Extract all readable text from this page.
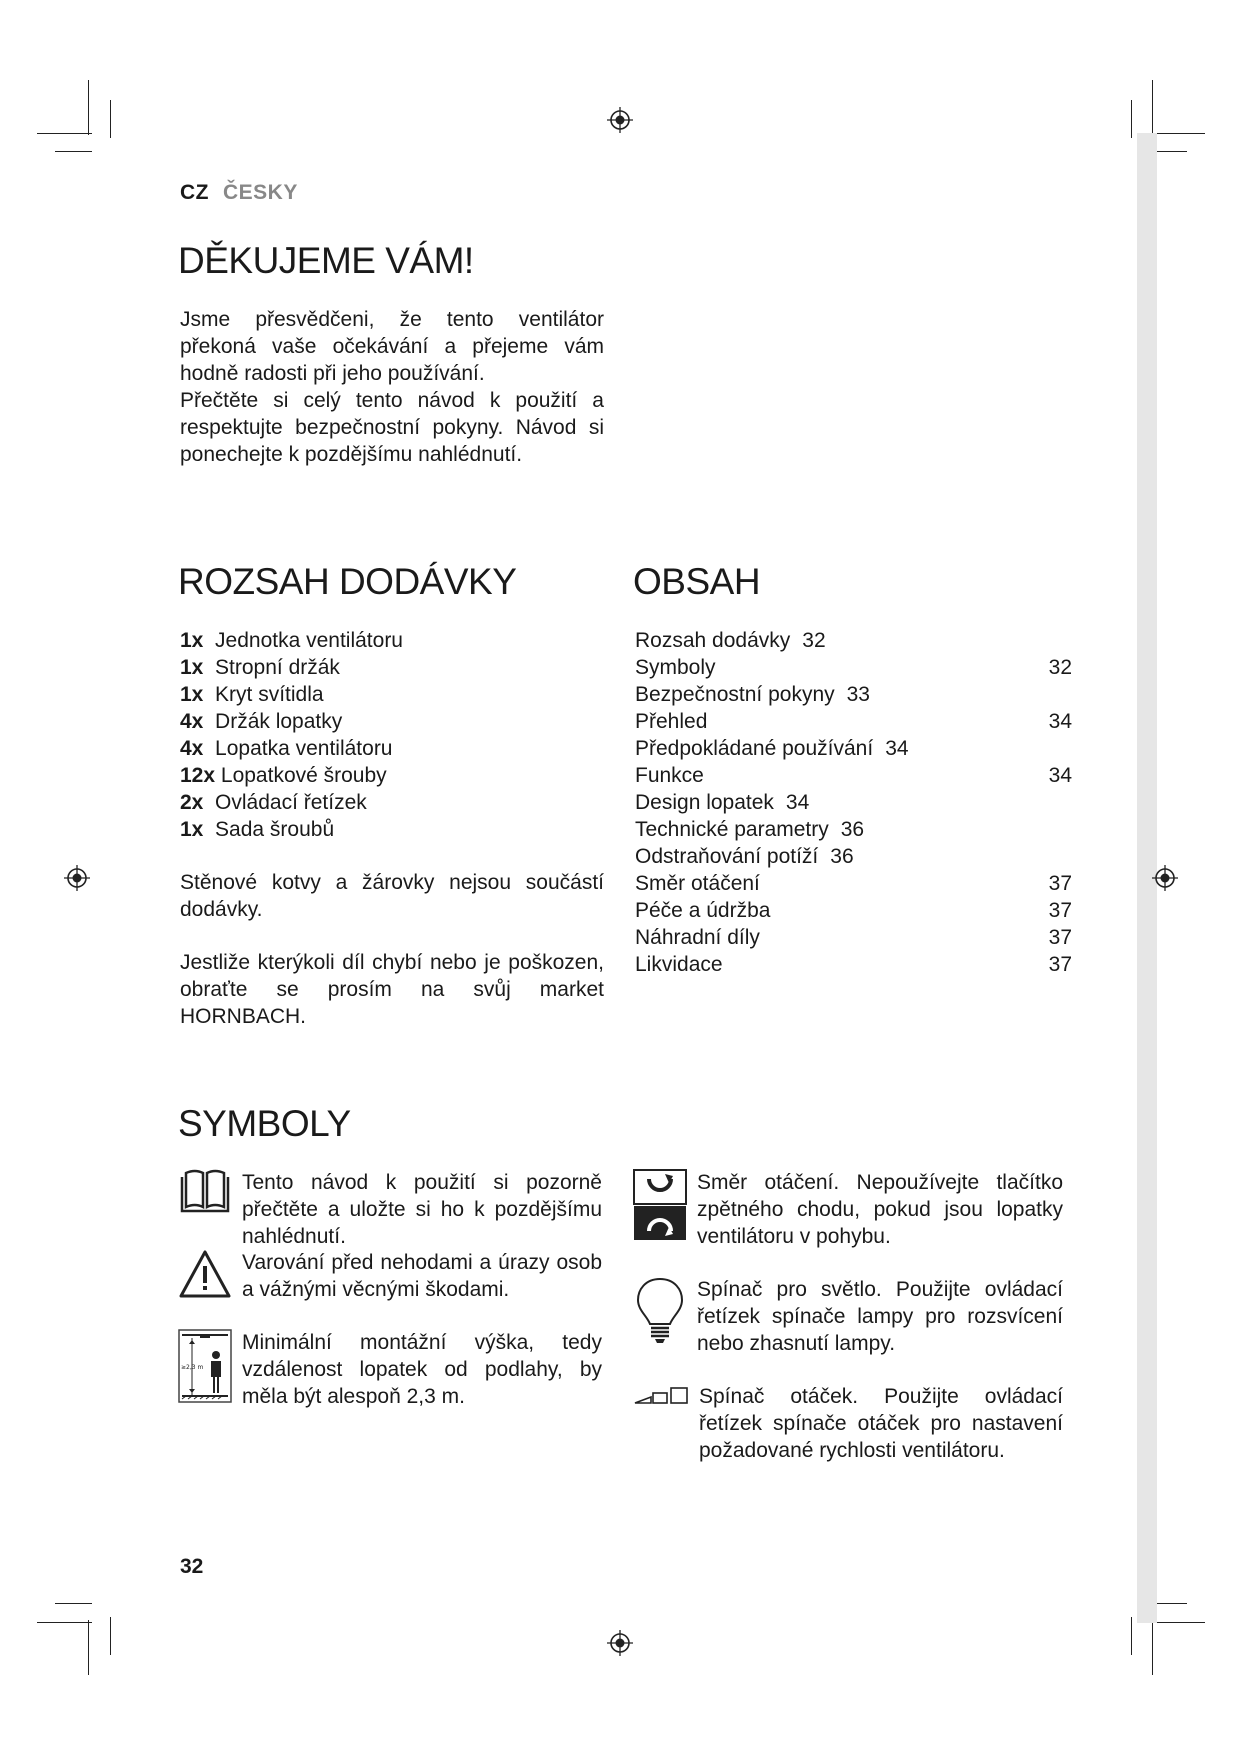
CZ ČESKY
DĚKUJEME VÁM!
Jsme přesvědčeni, že tento ventilátor překoná vaše očekávání a přejeme vám hodně radosti při jeho používání.
Přečtěte si celý tento návod k použití a respektujte bezpečnostní pokyny. Návod si ponechejte k pozdějšímu nahlédnutí.
ROZSAH DODÁVKY
1x Jednotka ventilátoru
1x Stropní držák
1x Kryt svítidla
4x Držák lopatky
4x Lopatka ventilátoru
12x Lopatkové šrouby
2x Ovládací řetízek
1x Sada šroubů
Stěnové kotvy a žárovky nejsou součástí dodávky.
Jestliže kterýkoli díl chybí nebo je poškozen, obraťte se prosím na svůj market HORNBACH.
OBSAH
Rozsah dodávky 32
Symboly	32
Bezpečnostní pokyny 33
Přehled	34
Předpokládané používání 34
Funkce	34
Design lopatek 34
Technické parametry 36
Odstraňování potíží 36
Směr otáčení	37
Péče a údržba	37
Náhradní díly	37
Likvidace	37
SYMBOLY
Tento návod k použití si pozorně přečtěte a uložte si ho k pozdějšímu nahlédnutí.
Varování před nehodami a úrazy osob a vážnými věcnými škodami.
≥2,3 m
Minimální montážní výška, tedy vzdálenost lopatek od podlahy, by měla být alespoň 2,3 m.
Směr otáčení. Nepoužívejte tlačítko zpětného chodu, pokud jsou lopatky ventilátoru v pohybu.
Spínač pro světlo. Použijte ovládací řetízek spínače lampy pro rozsvícení nebo zhasnutí lampy.
Spínač otáček. Použijte ovládací řetízek spínače otáček pro nastavení požadované rychlosti ventilátoru.
32
